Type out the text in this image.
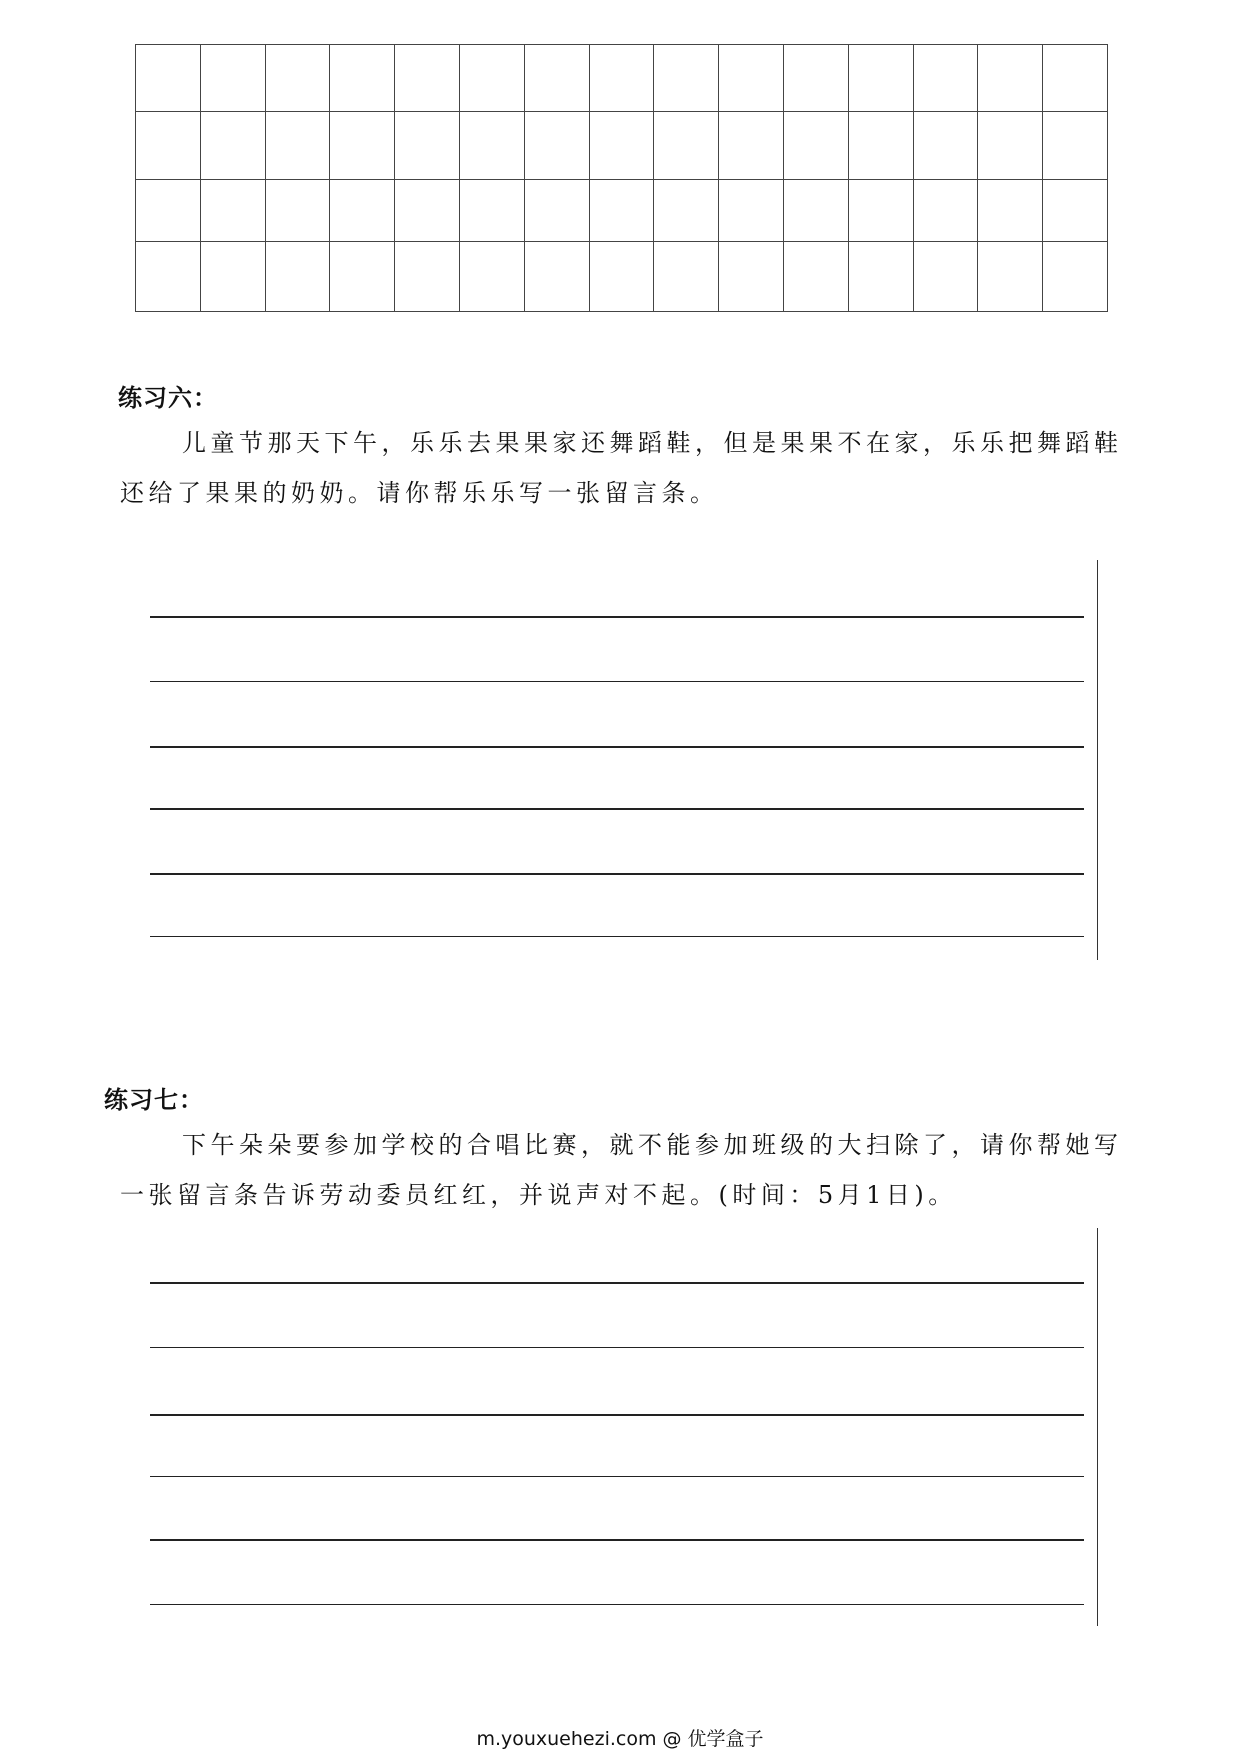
练习六：

儿童节那天下午，乐乐去果果家还舞蹈鞋，但是果果不在家，乐乐把舞蹈鞋还给了果果的奶奶。请你帮乐乐写一张留言条。

练习七：

下午朵朵要参加学校的合唱比赛，就不能参加班级的大扫除了，请你帮她写一张留言条告诉劳动委员红红，并说声对不起。(时间：5月1日)。

m.youxuehezi.com @ 优学盒子
